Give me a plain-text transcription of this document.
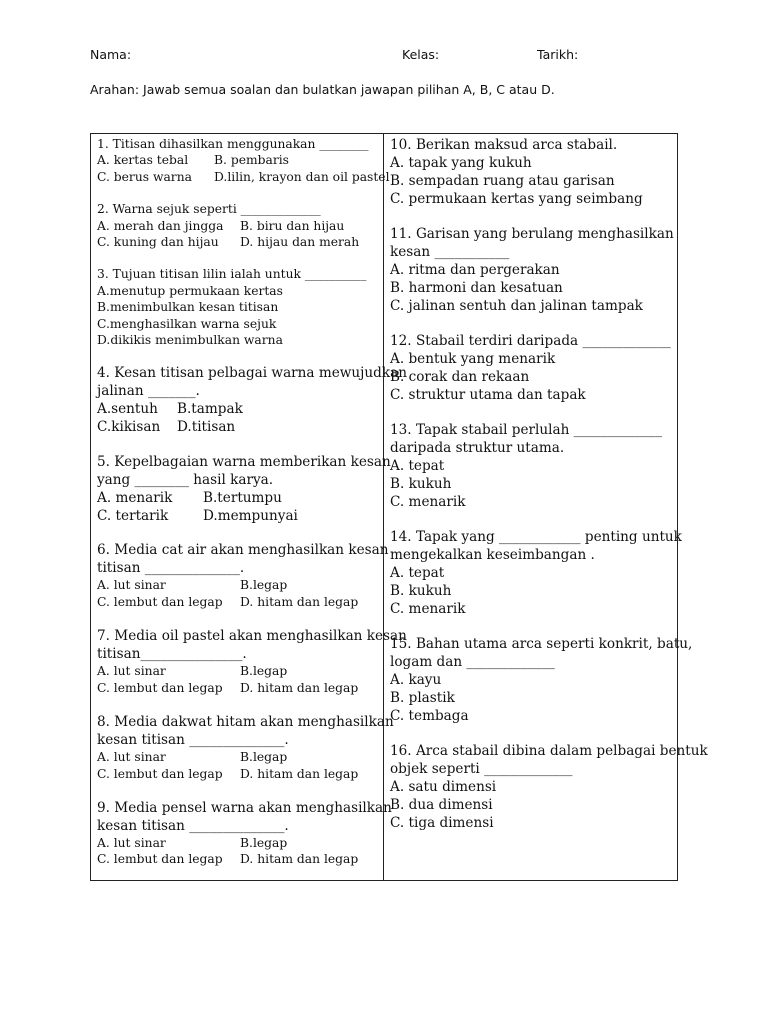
Nama:	Kelas:	Tarikh:
Arahan: Jawab semua soalan dan bulatkan jawapan pilihan A, B, C atau D.

1. Titisan dihasilkan menggunakan ________

A. kertas tebal B. pembaris

C. berus warna D.lilin, krayon dan oil pastel

2. Warna sejuk seperti _____________

A. merah dan jingga B. biru dan hijau

C. kuning dan hijau D. hijau dan merah

3. Tujuan titisan lilin ialah untuk __________

A.menutup permukaan kertas

B.menimbulkan kesan titisan

C.menghasilkan warna sejuk

D.dikikis menimbulkan warna

4. Kesan titisan pelbagai warna mewujudkan

jalinan _______.

A.sentuh B.tampak

C.kikisan D.titisan

5. Kepelbagaian warna memberikan kesan

yang ________ hasil karya.

A. menarik B.tertumpu

C. tertarik	D.mempunyai

6. Media cat air akan menghasilkan kesan

titisan ______________.

A. lut sinar	B.legap

C. lembut dan legap D. hitam dan legap

7. Media oil pastel akan menghasilkan kesan

titisan_______________.

A. lut sinar	B.legap

C. lembut dan legap D. hitam dan legap

8. Media dakwat hitam akan menghasilkan

kesan titisan ______________.

A. lut sinar	B.legap

C. lembut dan legap D. hitam dan legap

9. Media pensel warna akan menghasilkan

kesan titisan ______________.

A. lut sinar	B.legap

C. lembut dan legap D. hitam dan legap

10. Berikan maksud arca stabail.

A. tapak yang kukuh

B. sempadan ruang atau garisan

C. permukaan kertas yang seimbang

11. Garisan yang berulang menghasilkan

kesan ___________

A. ritma dan pergerakan

B. harmoni dan kesatuan

C. jalinan sentuh dan jalinan tampak

12. Stabail terdiri daripada _____________

A. bentuk yang menarik

B. corak dan rekaan

C. struktur utama dan tapak

13. Tapak stabail perlulah _____________

daripada struktur utama.

A. tepat

B. kukuh

C. menarik

14. Tapak yang ____________ penting untuk

mengekalkan keseimbangan .

A. tepat

B. kukuh

C. menarik

15. Bahan utama arca seperti konkrit, batu,

logam dan _____________

A. kayu

B. plastik

C. tembaga

16. Arca stabail dibina dalam pelbagai bentuk

objek seperti _____________

A. satu dimensi

B. dua dimensi

C. tiga dimensi
